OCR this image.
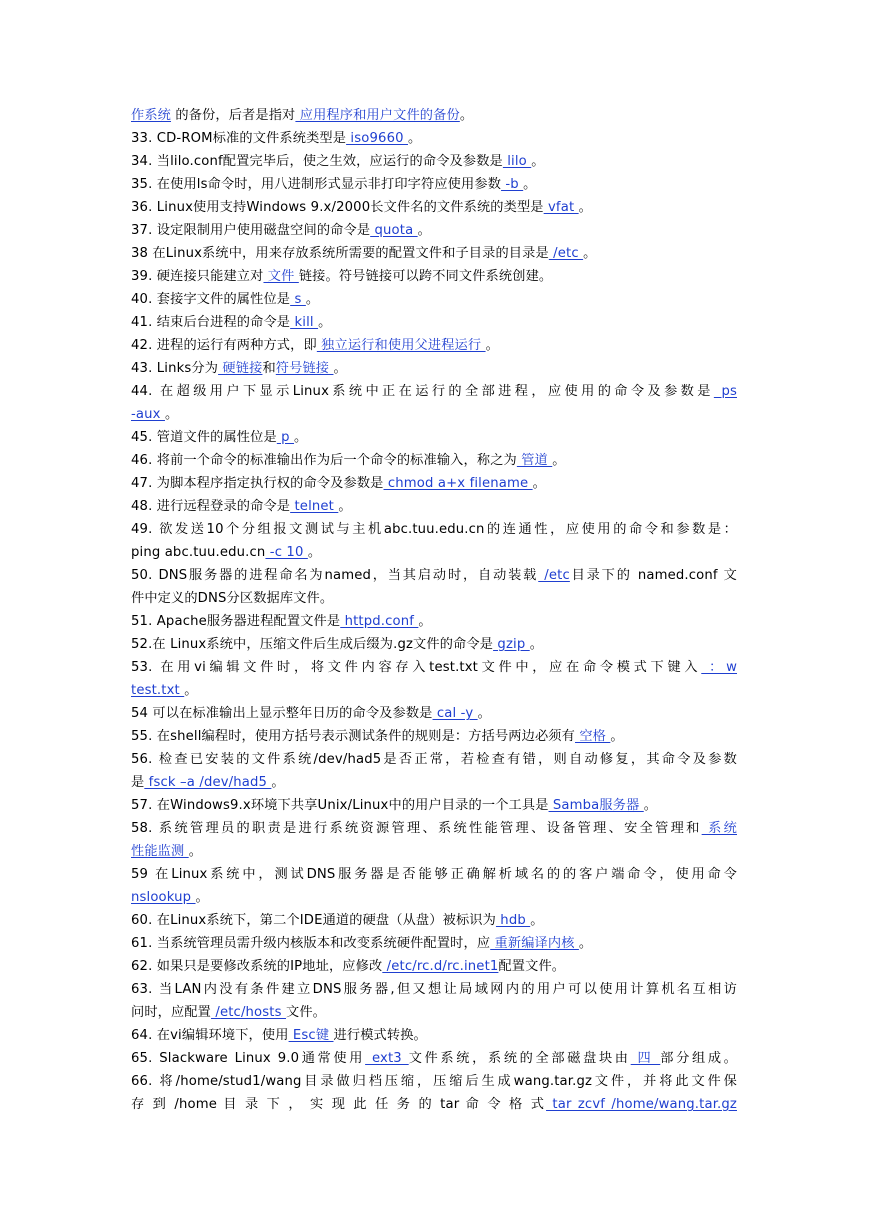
作系统 的备份，后者是指对 应用程序和用户文件的备份。
33. CD-ROM标准的文件系统类型是 iso9660 。
34. 当lilo.conf配置完毕后，使之生效，应运行的命令及参数是 lilo 。
35. 在使用ls命令时，用八进制形式显示非打印字符应使用参数 -b 。
36. Linux使用支持Windows 9.x/2000长文件名的文件系统的类型是 vfat 。
37. 设定限制用户使用磁盘空间的命令是 quota 。
38 在Linux系统中，用来存放系统所需要的配置文件和子目录的目录是 /etc 。
39. 硬连接只能建立对 文件 链接。符号链接可以跨不同文件系统创建。
40. 套接字文件的属性位是 s 。
41. 结束后台进程的命令是 kill 。
42. 进程的运行有两种方式，即 独立运行和使用父进程运行 。
43. Links分为 硬链接和符号链接 。
44. 在超级用户下显示Linux系统中正在运行的全部进程，应使用的命令及参数是 ps
-aux 。
45. 管道文件的属性位是 p 。
46. 将前一个命令的标准输出作为后一个命令的标准输入，称之为 管道 。
47. 为脚本程序指定执行权的命令及参数是 chmod a+x filename 。
48. 进行远程登录的命令是 telnet 。
49. 欲发送10个分组报文测试与主机abc.tuu.edu.cn的连通性，应使用的命令和参数是：
ping abc.tuu.edu.cn -c 10 。
50. DNS服务器的进程命名为named，当其启动时，自动装载 /etc目录下的 named.conf 文
件中定义的DNS分区数据库文件。
51. Apache服务器进程配置文件是 httpd.conf 。
52.在 Linux系统中，压缩文件后生成后缀为.gz文件的命令是 gzip 。
53. 在用vi编辑文件时，将文件内容存入test.txt文件中，应在命令模式下键入 ：w
test.txt 。
54 可以在标准输出上显示整年日历的命令及参数是 cal -y 。
55. 在shell编程时，使用方括号表示测试条件的规则是：方括号两边必须有 空格 。
56. 检查已安装的文件系统/dev/had5是否正常，若检查有错，则自动修复，其命令及参数
是 fsck –a /dev/had5 。
57. 在Windows9.x环境下共享Unix/Linux中的用户目录的一个工具是 Samba服务器 。
58. 系统管理员的职责是进行系统资源管理、系统性能管理、设备管理、安全管理和 系统
性能监测 。
59 在Linux系统中，测试DNS服务器是否能够正确解析域名的的客户端命令，使用命令
nslookup 。
60. 在Linux系统下，第二个IDE通道的硬盘（从盘）被标识为 hdb 。
61. 当系统管理员需升级内核版本和改变系统硬件配置时，应 重新编译内核 。
62. 如果只是要修改系统的IP地址，应修改 /etc/rc.d/rc.inet1配置文件。
63. 当LAN内没有条件建立DNS服务器,但又想让局域网内的用户可以使用计算机名互相访
问时，应配置 /etc/hosts 文件。
64. 在vi编辑环境下，使用 Esc键 进行模式转换。
65. Slackware Linux 9.0通常使用 ext3 文件系统，系统的全部磁盘块由 四 部分组成。
66. 将/home/stud1/wang目录做归档压缩，压缩后生成wang.tar.gz文件，并将此文件保
存 到 /home 目 录 下 ， 实 现 此 任 务 的 tar 命 令 格 式 tar zcvf /home/wang.tar.gz
